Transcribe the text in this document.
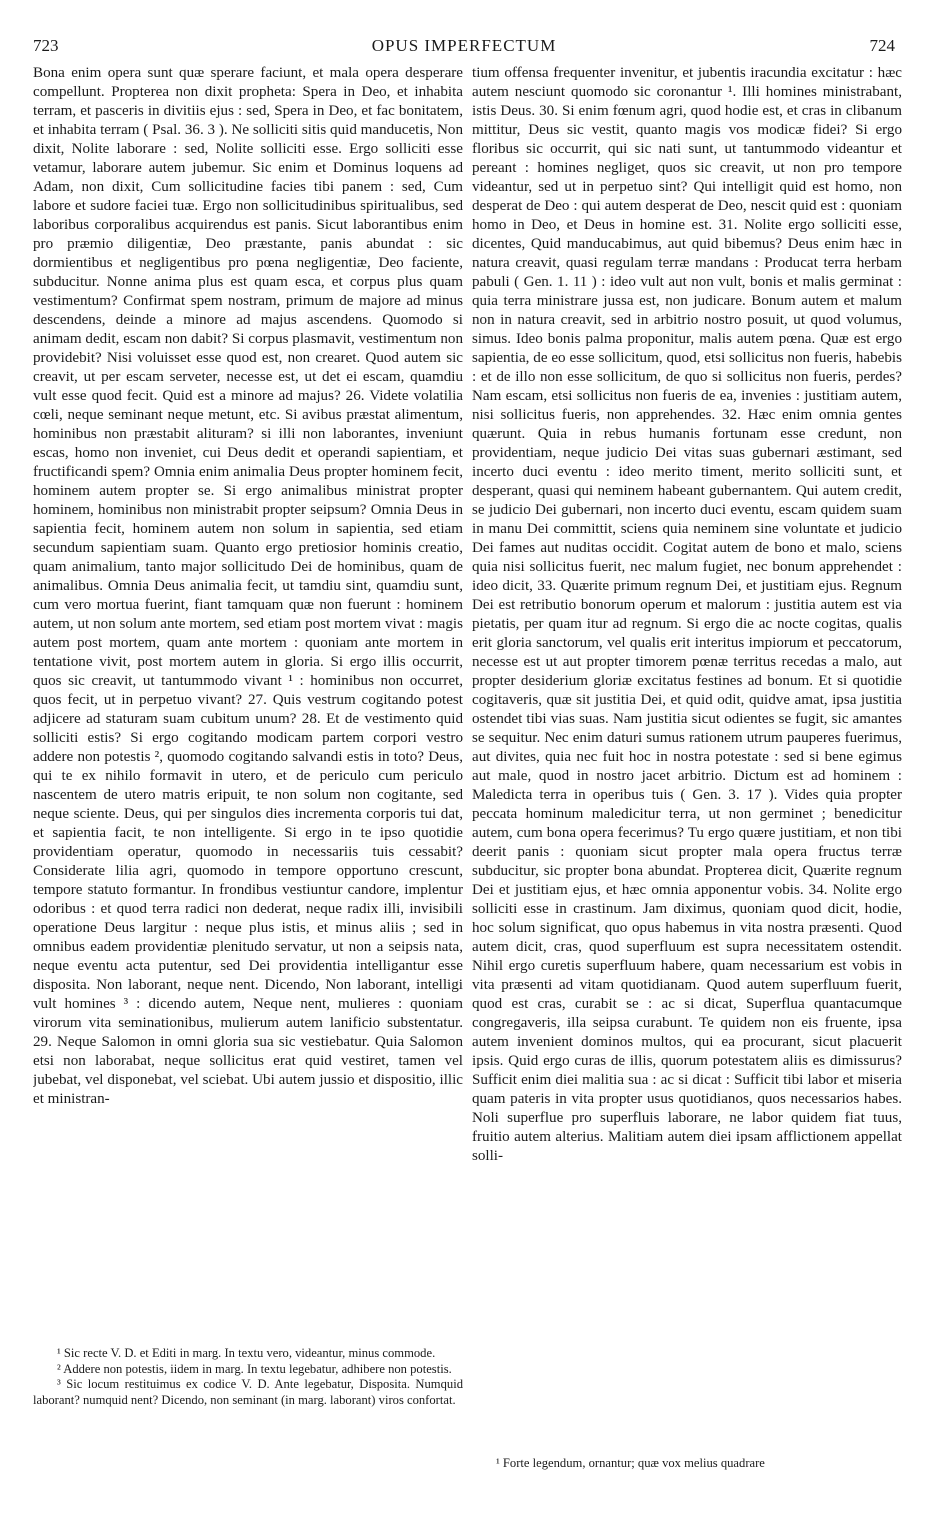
723	OPUS IMPERFECTUM	724
Bona enim opera sunt quæ sperare faciunt, et mala opera desperare compellunt. Propterea non dixit propheta: Spera in Deo, et inhabita terram, et pasceris in divitiis ejus : sed, Spera in Deo, et fac bonitatem, et inhabita terram ( Psal. 36. 3 ). Ne solliciti sitis quid manducetis, Non dixit, Nolite laborare : sed, Nolite solliciti esse. Ergo solliciti esse vetamur, laborare autem jubemur. Sic enim et Dominus loquens ad Adam, non dixit, Cum sollicitudine facies tibi panem : sed, Cum labore et sudore faciei tuæ. Ergo non sollicitudinibus spiritualibus, sed laboribus corporalibus acquirendus est panis. Sicut laborantibus enim pro præmio diligentiæ, Deo præstante, panis abundat : sic dormientibus et negligentibus pro pœna negligentiæ, Deo faciente, subducitur. Nonne anima plus est quam esca, et corpus plus quam vestimentum? Confirmat spem nostram, primum de majore ad minus descendens, deinde a minore ad majus ascendens. Quomodo si animam dedit, escam non dabit? Si corpus plasmavit, vestimentum non providebit? Nisi voluisset esse quod est, non crearet. Quod autem sic creavit, ut per escam serveter, necesse est, ut det ei escam, quamdiu vult esse quod fecit. Quid est a minore ad majus? 26. Videte volatilia cœli, neque seminant neque metunt, etc. Si avibus præstat alimentum, hominibus non præstabit alituram? si illi non laborantes, inveniunt escas, homo non inveniet, cui Deus dedit et operandi sapientiam, et fructificandi spem? Omnia enim animalia Deus propter hominem fecit, hominem autem propter se. Si ergo animalibus ministrat propter hominem, hominibus non ministrabit propter seipsum? Omnia Deus in sapientia fecit, hominem autem non solum in sapientia, sed etiam secundum sapientiam suam. Quanto ergo pretiosior hominis creatio, quam animalium, tanto major sollicitudo Dei de hominibus, quam de animalibus. Omnia Deus animalia fecit, ut tamdiu sint, quamdiu sunt, cum vero mortua fuerint, fiant tamquam quæ non fuerunt : hominem autem, ut non solum ante mortem, sed etiam post mortem vivat : magis autem post mortem, quam ante mortem : quoniam ante mortem in tentatione vivit, post mortem autem in gloria. Si ergo illis occurrit, quos sic creavit, ut tantummodo vivant ¹ : hominibus non occurret, quos fecit, ut in perpetuo vivant? 27. Quis vestrum cogitando potest adjicere ad staturam suam cubitum unum? 28. Et de vestimento quid solliciti estis? Si ergo cogitando modicam partem corpori vestro addere non potestis ², quomodo cogitando salvandi estis in toto? Deus, qui te ex nihilo formavit in utero, et de periculo cum periculo nascentem de utero matris eripuit, te non solum non cogitante, sed neque sciente. Deus, qui per singulos dies incrementa corporis tui dat, et sapientia facit, te non intelligente. Si ergo in te ipso quotidie providentiam operatur, quomodo in necessariis tuis cessabit? Considerate lilia agri, quomodo in tempore opportuno crescunt, tempore statuto formantur. In frondibus vestiuntur candore, implentur odoribus : et quod terra radici non dederat, neque radix illi, invisibili operatione Deus largitur : neque plus istis, et minus aliis ; sed in omnibus eadem providentiæ plenitudo servatur, ut non a seipsis nata, neque eventu acta putentur, sed Dei providentia intelligantur esse disposita. Non laborant, neque nent. Dicendo, Non laborant, intelligi vult homines ³ : dicendo autem, Neque nent, mulieres : quoniam virorum vita seminationibus, mulierum autem lanificio substentatur. 29. Neque Salomon in omni gloria sua sic vestiebatur. Quia Salomon etsi non laborabat, neque sollicitus erat quid vestiret, tamen vel jubebat, vel disponebat, vel sciebat. Ubi autem jussio et dispositio, illic et ministran-
¹ Sic recte V. D. et Editi in marg. In textu vero, videantur, minus commode.
² Addere non potestis, iidem in marg. In textu legebatur, adhibere non potestis.
³ Sic locum restituimus ex codice V. D. Ante legebatur, Disposita. Numquid laborant? numquid nent? Dicendo, non seminant (in marg. laborant) viros confortat.
tium offensa frequenter invenitur, et jubentis iracundia excitatur : hæc autem nesciunt quomodo sic coronantur ¹. Illi homines ministrabant, istis Deus. 30. Si enim fœnum agri, quod hodie est, et cras in clibanum mittitur, Deus sic vestit, quanto magis vos modicæ fidei? Si ergo floribus sic occurrit, qui sic nati sunt, ut tantummodo videantur et pereant : homines negliget, quos sic creavit, ut non pro tempore videantur, sed ut in perpetuo sint? Qui intelligit quid est homo, non desperat de Deo : qui autem desperat de Deo, nescit quid est : quoniam homo in Deo, et Deus in homine est. 31. Nolite ergo solliciti esse, dicentes, Quid manducabimus, aut quid bibemus? Deus enim hæc in natura creavit, quasi regulam terræ mandans : Producat terra herbam pabuli ( Gen. 1. 11 ) : ideo vult aut non vult, bonis et malis germinat : quia terra ministrare jussa est, non judicare. Bonum autem et malum non in natura creavit, sed in arbitrio nostro posuit, ut quod volumus, simus. Ideo bonis palma proponitur, malis autem pœna. Quæ est ergo sapientia, de eo esse sollicitum, quod, etsi sollicitus non fueris, habebis : et de illo non esse sollicitum, de quo si sollicitus non fueris, perdes? Nam escam, etsi sollicitus non fueris de ea, invenies : justitiam autem, nisi sollicitus fueris, non apprehendes. 32. Hæc enim omnia gentes quærunt. Quia in rebus humanis fortunam esse credunt, non providentiam, neque judicio Dei vitas suas gubernari æstimant, sed incerto duci eventu : ideo merito timent, merito solliciti sunt, et desperant, quasi qui neminem habeant gubernantem. Qui autem credit, se judicio Dei gubernari, non incerto duci eventu, escam quidem suam in manu Dei committit, sciens quia neminem sine voluntate et judicio Dei fames aut nuditas occidit. Cogitat autem de bono et malo, sciens quia nisi sollicitus fuerit, nec malum fugiet, nec bonum apprehendet : ideo dicit, 33. Quærite primum regnum Dei, et justitiam ejus. Regnum Dei est retributio bonorum operum et malorum : justitia autem est via pietatis, per quam itur ad regnum. Si ergo die ac nocte cogitas, qualis erit gloria sanctorum, vel qualis erit interitus impiorum et peccatorum, necesse est ut aut propter timorem pœnæ territus recedas a malo, aut propter desiderium gloriæ excitatus festines ad bonum. Et si quotidie cogitaveris, quæ sit justitia Dei, et quid odit, quidve amat, ipsa justitia ostendet tibi vias suas. Nam justitia sicut odientes se fugit, sic amantes se sequitur. Nec enim daturi sumus rationem utrum pauperes fuerimus, aut divites, quia nec fuit hoc in nostra potestate : sed si bene egimus aut male, quod in nostro jacet arbitrio. Dictum est ad hominem : Maledicta terra in operibus tuis ( Gen. 3. 17 ). Vides quia propter peccata hominum maledicitur terra, ut non germinet ; benedicitur autem, cum bona opera fecerimus? Tu ergo quære justitiam, et non tibi deerit panis : quoniam sicut propter mala opera fructus terræ subducitur, sic propter bona abundat. Propterea dicit, Quærite regnum Dei et justitiam ejus, et hæc omnia apponentur vobis. 34. Nolite ergo solliciti esse in crastinum. Jam diximus, quoniam quod dicit, hodie, hoc solum significat, quo opus habemus in vita nostra præsenti. Quod autem dicit, cras, quod superfluum est supra necessitatem ostendit. Nihil ergo curetis superfluum habere, quam necessarium est vobis in vita præsenti ad vitam quotidianam. Quod autem superfluum fuerit, quod est cras, curabit se : ac si dicat, Superflua quantacumque congregaveris, illa seipsa curabunt. Te quidem non eis fruente, ipsa autem invenient dominos multos, qui ea procurant, sicut placuerit ipsis. Quid ergo curas de illis, quorum potestatem aliis es dimissurus? Sufficit enim diei malitia sua : ac si dicat : Sufficit tibi labor et miseria quam pateris in vita propter usus quotidianos, quos necessarios habes. Noli superflue pro superfluis laborare, ne labor quidem fiat tuus, fruitio autem alterius. Malitiam autem diei ipsam afflictionem appellat solli-
¹ Forte legendum, ornantur; quæ vox melius quadrare
